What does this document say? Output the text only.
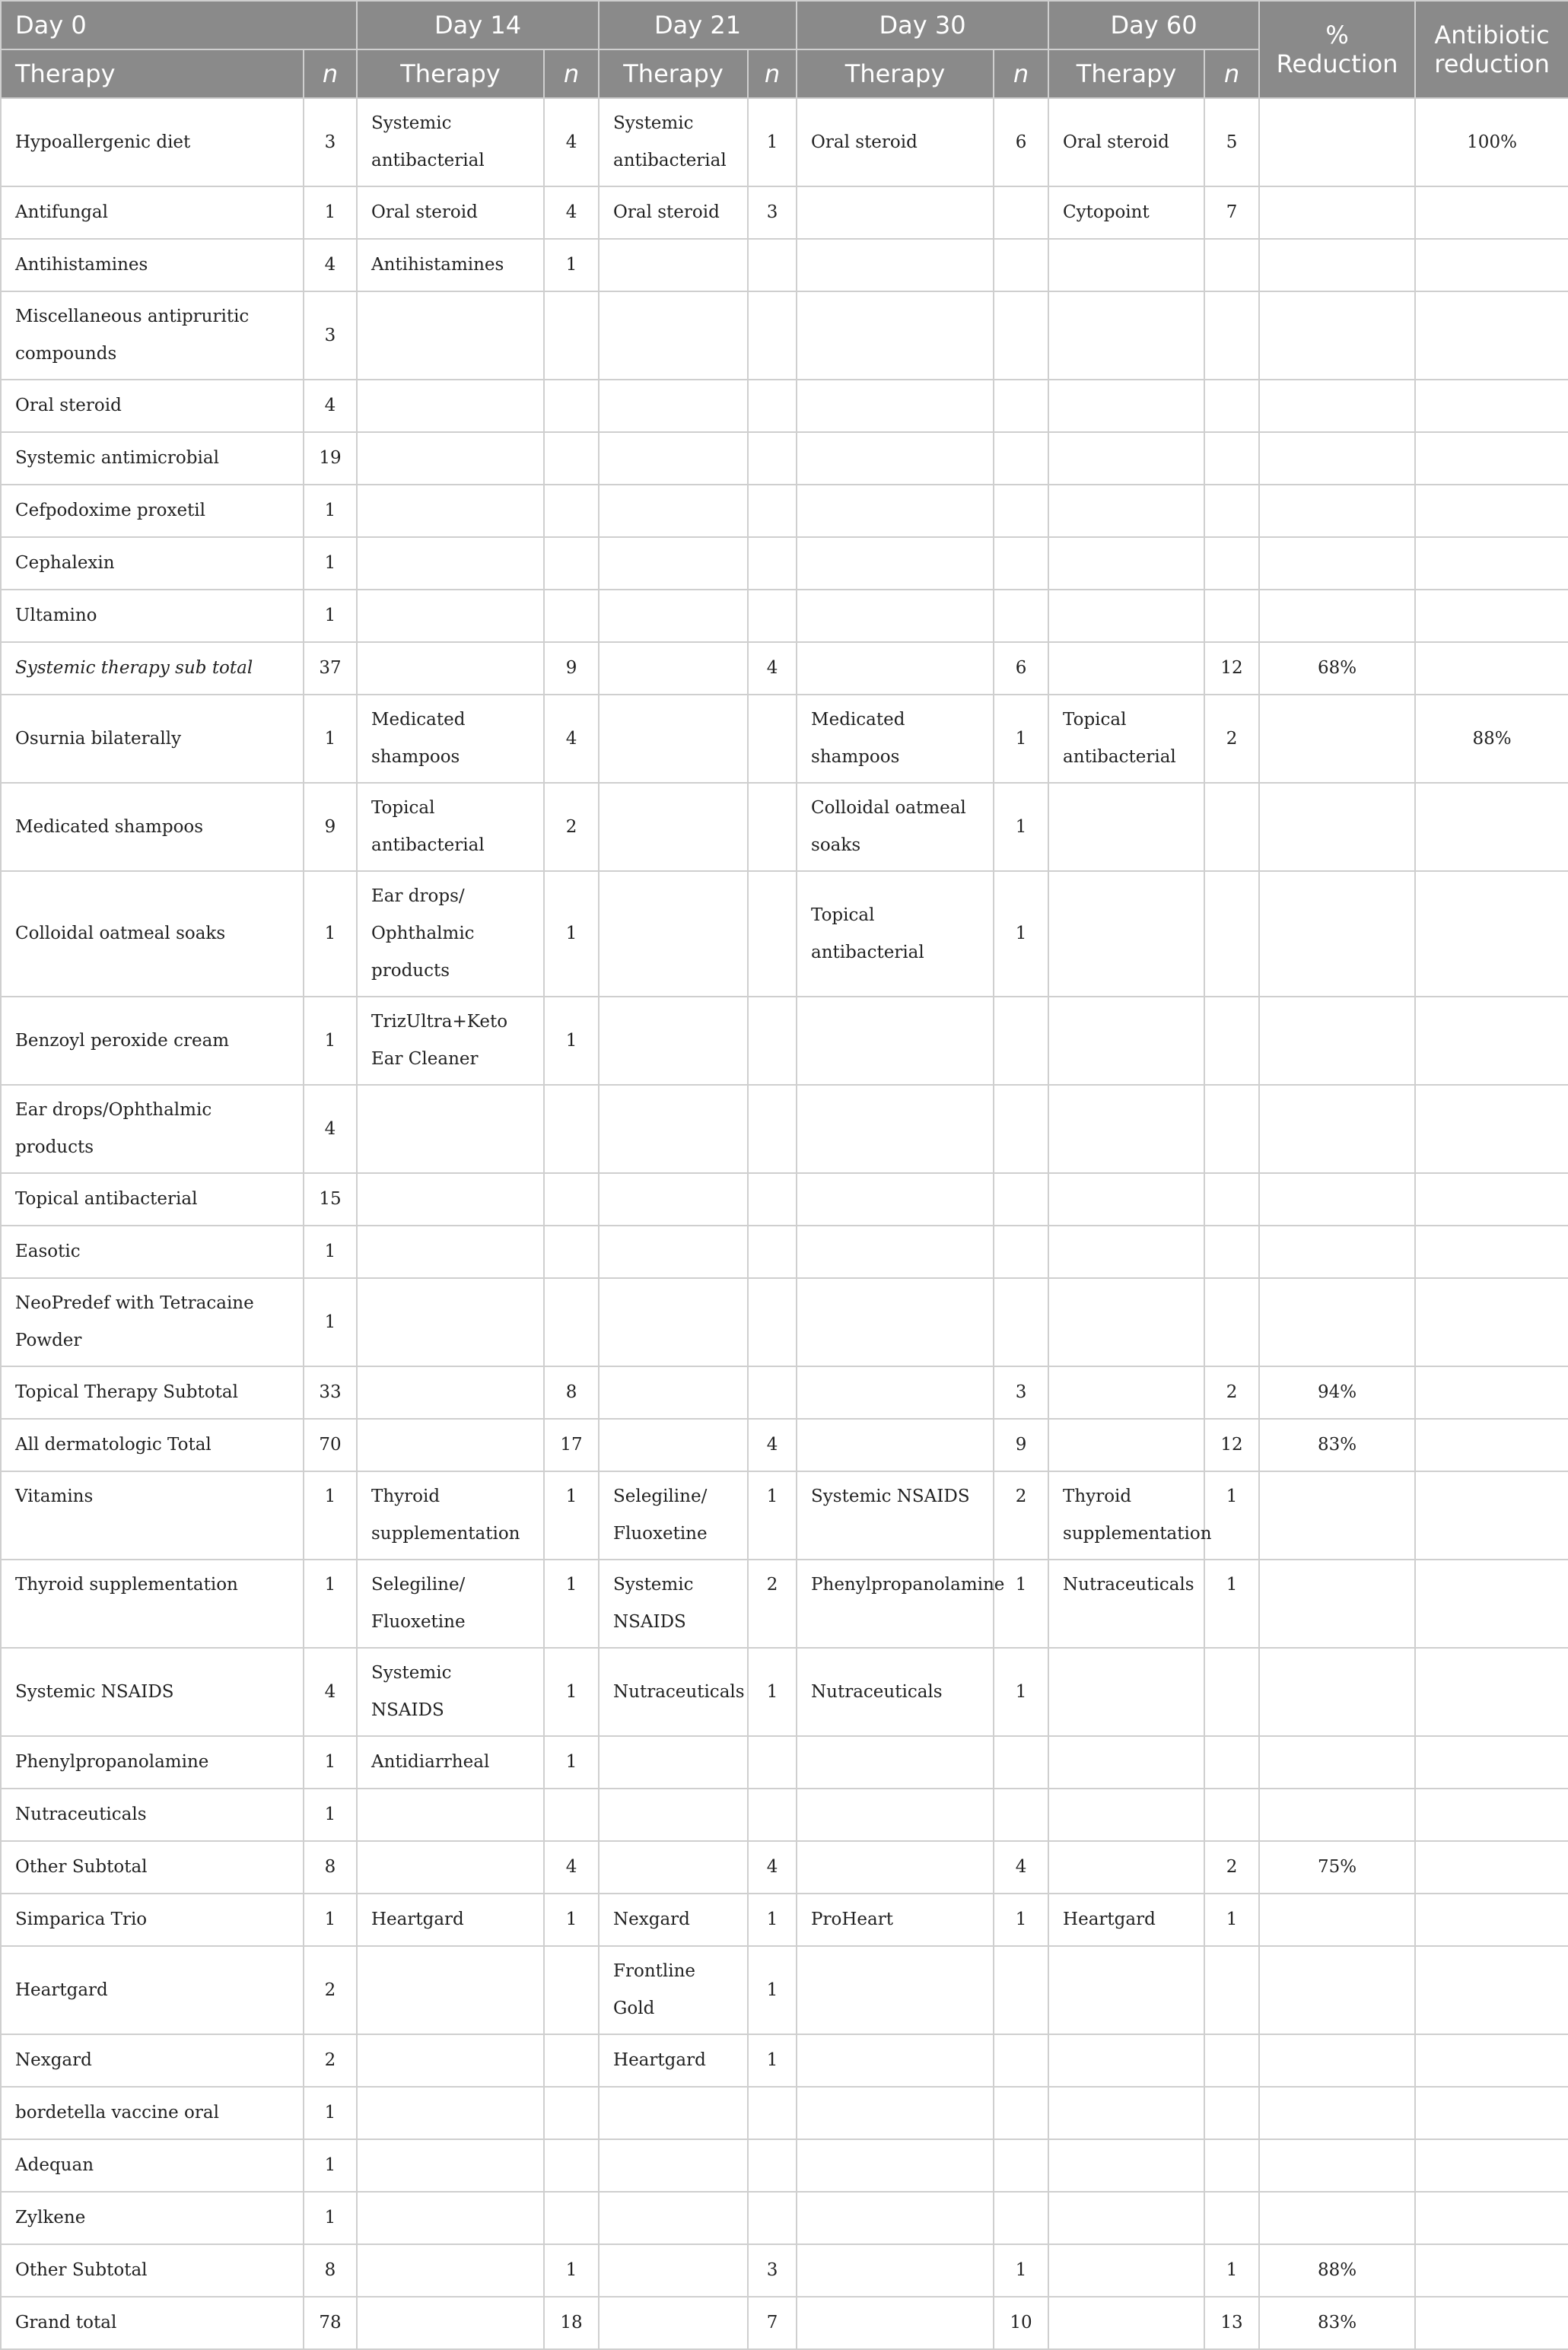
Day 0		Day 14		Day 21		Day 30		Day 60		% Reduction	Antibiotic reduction
Therapy	n	Therapy	n	Therapy	n	Therapy	n	Therapy	n		
Hypoallergenic diet	3	Systemic antibacterial	4	Systemic antibacterial	1	Oral steroid	6	Oral steroid	5		100%
Antifungal	1	Oral steroid	4	Oral steroid	3			Cytopoint	7		
Antihistamines	4	Antihistamines	1								
Miscellaneous antipruritic compounds	3										
Oral steroid	4										
Systemic antimicrobial	19										
Cefpodoxime proxetil	1										
Cephalexin	1										
Ultamino	1										
Systemic therapy sub total	37		9		4		6		12	68%	
Osurnia bilaterally	1	Medicated shampoos	4			Medicated shampoos	1	Topical antibacterial	2		88%
Medicated shampoos	9	Topical antibacterial	2			Colloidal oatmeal soaks	1				
Colloidal oatmeal soaks	1	Ear drops/ Ophthalmic products	1			Topical antibacterial	1				
Benzoyl peroxide cream	1	TrizUltra+Keto Ear Cleaner	1								
Ear drops/Ophthalmic products	4										
Topical antibacterial	15										
Easotic	1										
NeoPredef with Tetracaine Powder	1										
Topical Therapy Subtotal	33		8				3		2	94%	
All dermatologic Total	70		17		4		9		12	83%	
Vitamins	1	Thyroid supplementation	1	Selegiline/ Fluoxetine	1	Systemic NSAIDS	2	Thyroid supplementation	1		
Thyroid supplementation	1	Selegiline/ Fluoxetine	1	Systemic NSAIDS	2	Phenylpropanolamine	1	Nutraceuticals	1		
Systemic NSAIDS	4	Systemic NSAIDS	1	Nutraceuticals	1	Nutraceuticals	1				
Phenylpropanolamine	1	Antidiarrheal	1								
Nutraceuticals	1										
Other Subtotal	8		4		4		4		2	75%	
Simparica Trio	1	Heartgard	1	Nexgard	1	ProHeart	1	Heartgard	1		
Heartgard	2			Frontline Gold	1						
Nexgard	2			Heartgard	1						
bordetella vaccine oral	1										
Adequan	1										
Zylkene	1										
Other Subtotal	8		1		3		1		1	88%	
Grand total	78		18		7		10		13	83%	
